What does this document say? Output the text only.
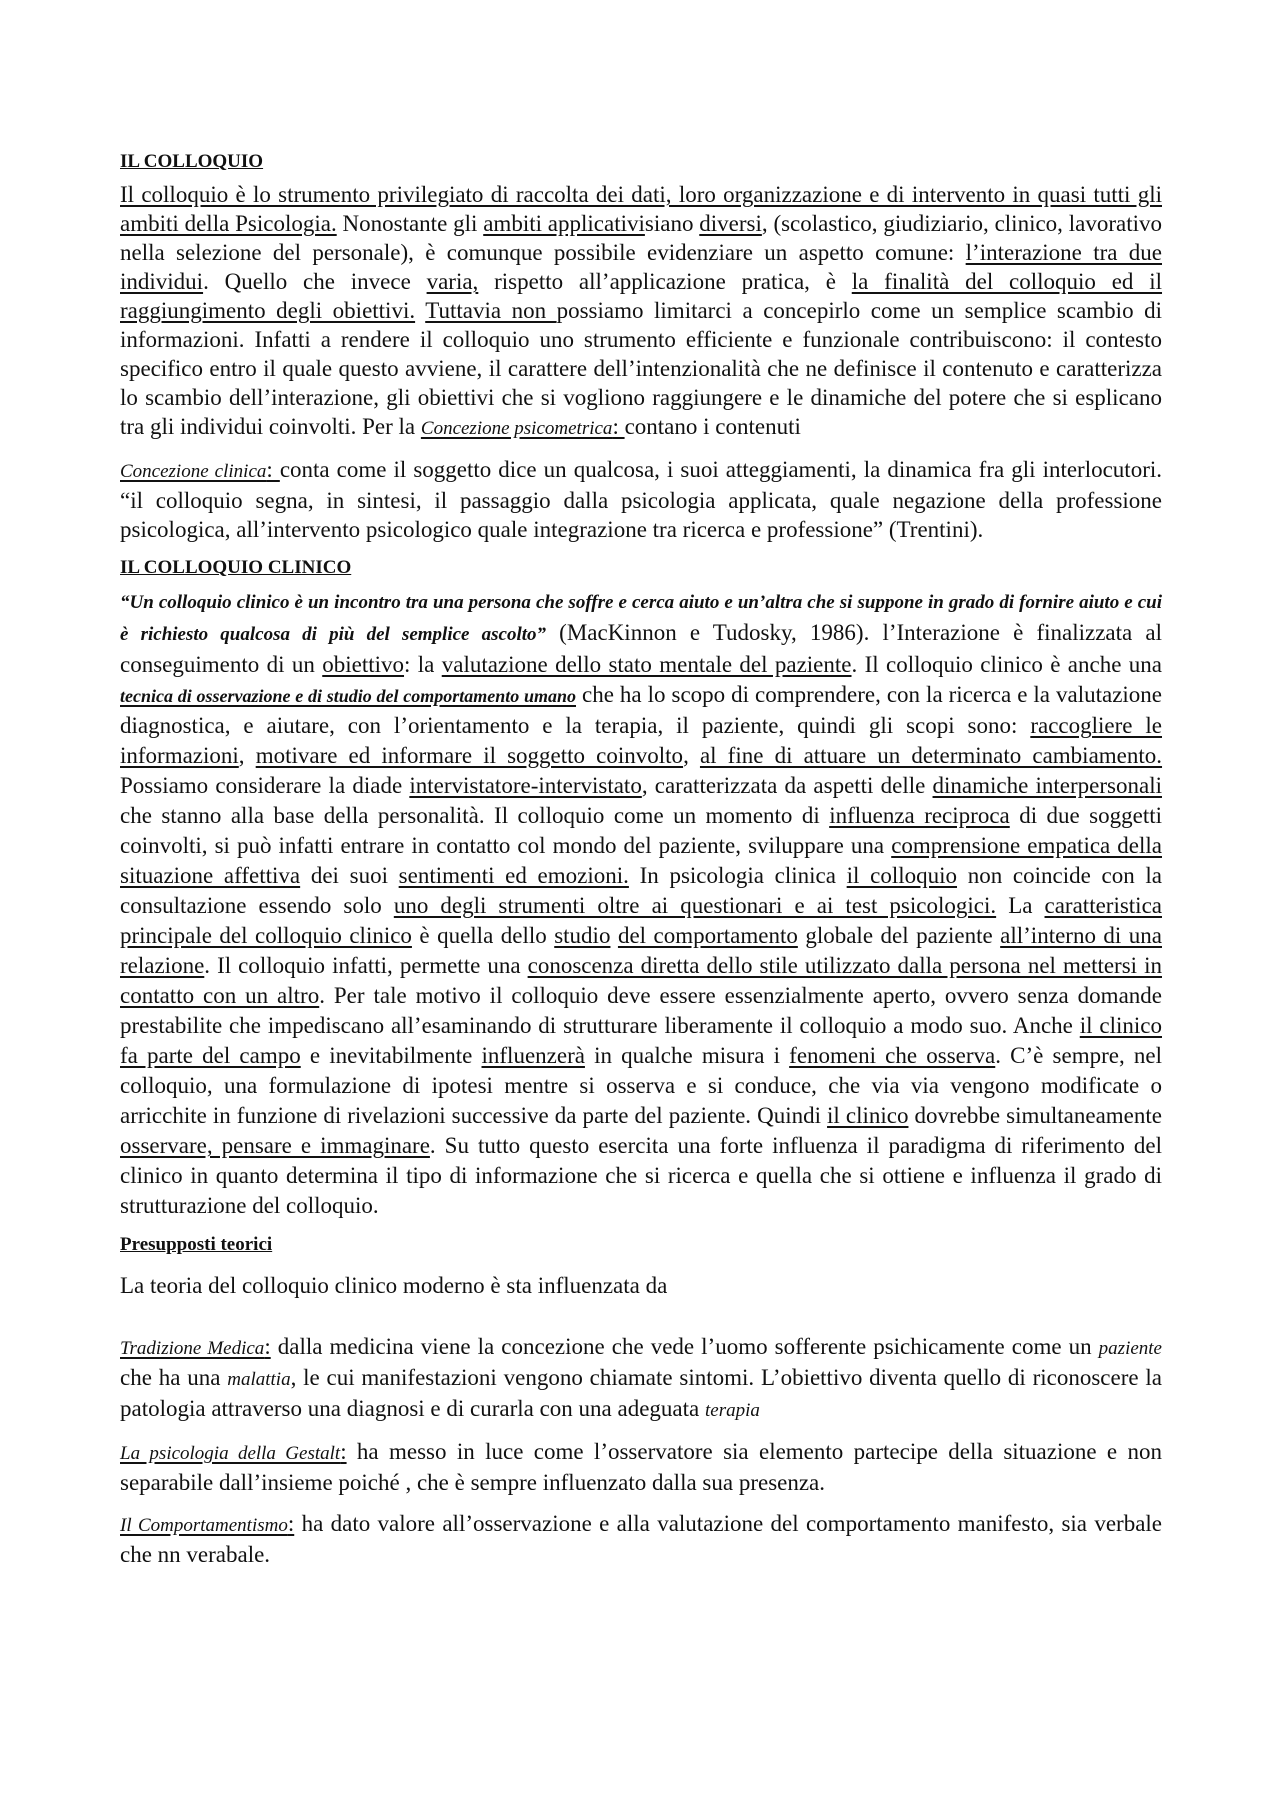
IL COLLOQUIO

Il colloquio è lo strumento privilegiato di raccolta dei dati, loro organizzazione e di intervento in quasi tutti gli ambiti della Psicologia. Nonostante gli ambiti applicativisiano diversi, (scolastico, giudiziario, clinico, lavorativo nella selezione del personale), è comunque possibile evidenziare un aspetto comune: l’interazione tra due individui. Quello che invece varia, rispetto all’applicazione pratica, è la finalità del colloquio ed il raggiungimento degli obiettivi. Tuttavia non possiamo limitarci a concepirlo come un semplice scambio di informazioni. Infatti a rendere il colloquio uno strumento efficiente e funzionale contribuiscono: il contesto specifico entro il quale questo avviene, il carattere dell’intenzionalità che ne definisce il contenuto e caratterizza lo scambio dell’interazione, gli obiettivi che si vogliono raggiungere e le dinamiche del potere che si esplicano tra gli individui coinvolti. Per la Concezione psicometrica: contano i contenuti

Concezione clinica: conta come il soggetto dice un qualcosa, i suoi atteggiamenti, la dinamica fra gli interlocutori. “il colloquio segna, in sintesi, il passaggio dalla psicologia applicata, quale negazione della professione psicologica, all’intervento psicologico quale integrazione tra ricerca e professione” (Trentini).

IL COLLOQUIO CLINICO

“Un colloquio clinico è un incontro tra una persona che soffre e cerca aiuto e un’altra che si suppone in grado di fornire aiuto e cui è richiesto qualcosa di più del semplice ascolto” (MacKinnon e Tudosky, 1986). l’Interazione è finalizzata al conseguimento di un obiettivo: la valutazione dello stato mentale del paziente. Il colloquio clinico è anche una tecnica di osservazione e di studio del comportamento umano che ha lo scopo di comprendere, con la ricerca e la valutazione diagnostica, e aiutare, con l’orientamento e la terapia, il paziente, quindi gli scopi sono: raccogliere le informazioni, motivare ed informare il soggetto coinvolto, al fine di attuare un determinato cambiamento. Possiamo considerare la diade intervistatore-intervistato, caratterizzata da aspetti delle dinamiche interpersonali che stanno alla base della personalità. Il colloquio come un momento di influenza reciproca di due soggetti coinvolti, si può infatti entrare in contatto col mondo del paziente, sviluppare una comprensione empatica della situazione affettiva dei suoi sentimenti ed emozioni. In psicologia clinica il colloquio non coincide con la consultazione essendo solo uno degli strumenti oltre ai questionari e ai test psicologici. La caratteristica principale del colloquio clinico è quella dello studio del comportamento globale del paziente all’interno di una relazione. Il colloquio infatti, permette una conoscenza diretta dello stile utilizzato dalla persona nel mettersi in contatto con un altro. Per tale motivo il colloquio deve essere essenzialmente aperto, ovvero senza domande prestabilite che impediscano all’esaminando di strutturare liberamente il colloquio a modo suo. Anche il clinico fa parte del campo e inevitabilmente influenzerà in qualche misura i fenomeni che osserva. C’è sempre, nel colloquio, una formulazione di ipotesi mentre si osserva e si conduce, che via via vengono modificate o arricchite in funzione di rivelazioni successive da parte del paziente. Quindi il clinico dovrebbe simultaneamente osservare, pensare e immaginare. Su tutto questo esercita una forte influenza il paradigma di riferimento del clinico in quanto determina il tipo di informazione che si ricerca e quella che si ottiene e influenza il grado di strutturazione del colloquio.

Presupposti teorici

La teoria del colloquio clinico moderno è sta influenzata da

Tradizione Medica: dalla medicina viene la concezione che vede l’uomo sofferente psichicamente come un paziente che ha una malattia, le cui manifestazioni vengono chiamate sintomi. L’obiettivo diventa quello di riconoscere la patologia attraverso una diagnosi e di curarla con una adeguata terapia

La psicologia della Gestalt: ha messo in luce come l’osservatore sia elemento partecipe della situazione e non separabile dall’insieme poiché , che è sempre influenzato dalla sua presenza.

Il Comportamentismo: ha dato valore all’osservazione e alla valutazione del comportamento manifesto, sia verbale che nn verabale.
